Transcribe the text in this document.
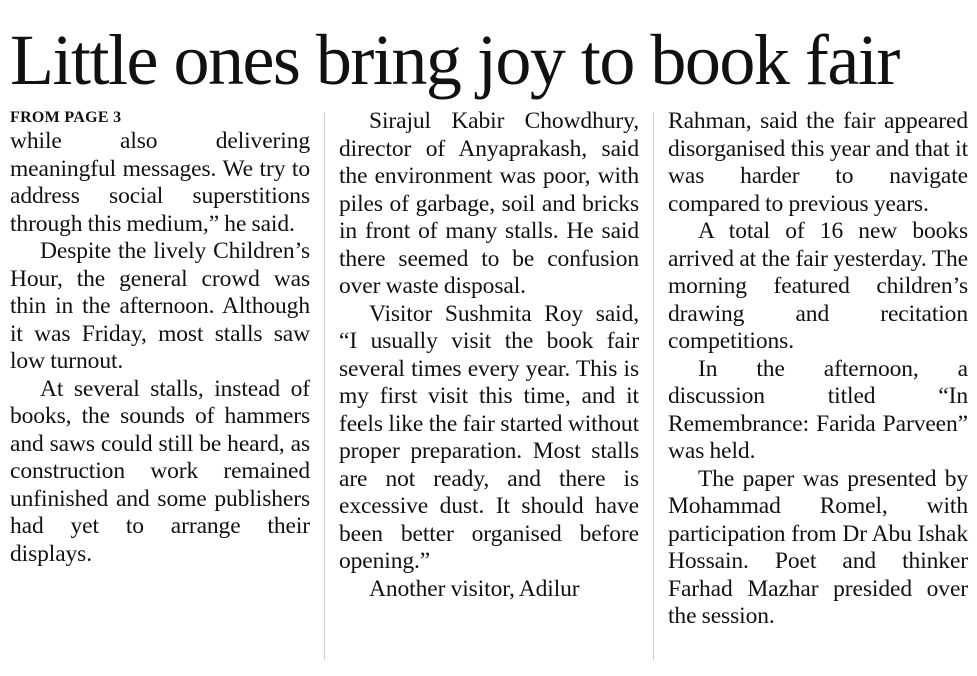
Little ones bring joy to book fair
FROM PAGE 3

while also delivering meaningful messages. We try to address social superstitions through this medium,” he said.

Despite the lively Children’s Hour, the general crowd was thin in the afternoon. Although it was Friday, most stalls saw low turnout.

At several stalls, instead of books, the sounds of hammers and saws could still be heard, as construction work remained unfinished and some publishers had yet to arrange their displays.

Sirajul Kabir Chowdhury, director of Anyaprakash, said the environment was poor, with piles of garbage, soil and bricks in front of many stalls. He said there seemed to be confusion over waste disposal.

Visitor Sushmita Roy said, “I usually visit the book fair several times every year. This is my first visit this time, and it feels like the fair started without proper preparation. Most stalls are not ready, and there is excessive dust. It should have been better organised before opening.”

Another visitor, Adilur

Rahman, said the fair appeared disorganised this year and that it was harder to navigate compared to previous years.

A total of 16 new books arrived at the fair yesterday. The morning featured children’s drawing and recitation competitions.

In the afternoon, a discussion titled “In Remembrance: Farida Parveen” was held.

The paper was presented by Mohammad Romel, with participation from Dr Abu Ishak Hossain. Poet and thinker Farhad Mazhar presided over the session.
